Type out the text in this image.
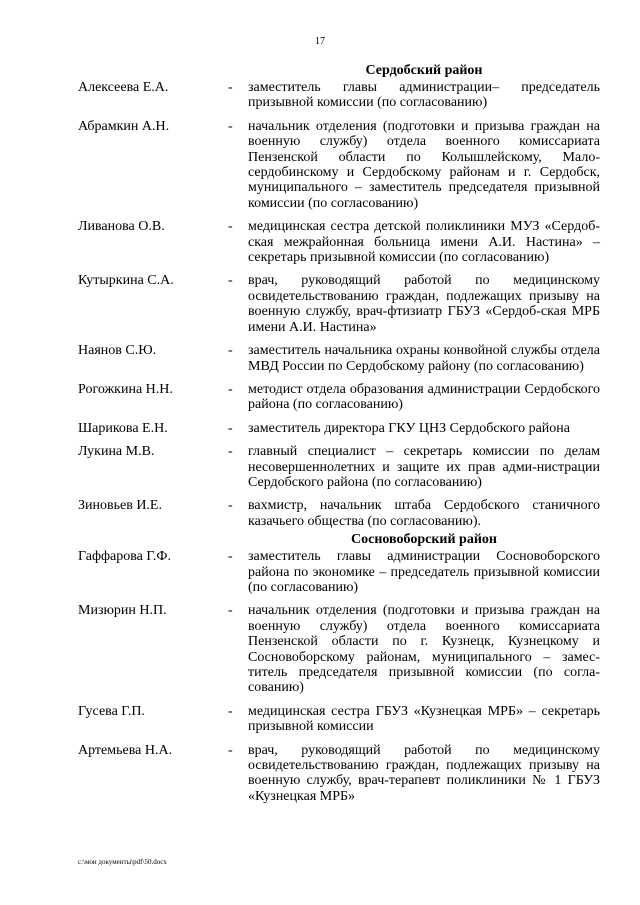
17
Сердобский район
Алексеева Е.А.	- заместитель главы администрации– председатель призывной комиссии (по согласованию)
Абрамкин А.Н.	- начальник отделения (подготовки и призыва граждан на военную службу) отдела военного комиссариата Пензенской области по Колышлейскому, Мало-сердобинскому и Сердобскому районам и г. Сердобск, муниципального – заместитель председателя призывной комиссии (по согласованию)
Ливанова О.В.	- медицинская сестра детской поликлиники МУЗ «Сердоб-ская межрайонная больница имени А.И. Настина» – секретарь призывной комиссии (по согласованию)
Кутыркина С.А.	- врач, руководящий работой по медицинскому освидетельствованию граждан, подлежащих призыву на военную службу, врач-фтизиатр ГБУЗ «Сердоб-ская МРБ имени А.И. Настина»
Наянов С.Ю.	- заместитель начальника охраны конвойной службы отдела МВД России по Сердобскому району (по согласованию)
Рогожкина Н.Н.	- методист отдела образования администрации Сердобского района (по согласованию)
Шарикова Е.Н.	- заместитель директора ГКУ ЦНЗ Сердобского района
Лукина М.В.	- главный специалист – секретарь комиссии по делам несовершеннолетних и защите их прав адми-нистрации Сердобского района (по согласованию)
Зиновьев И.Е.	- вахмистр, начальник штаба Сердобского станичного казачьего общества (по согласованию).
Сосновоборский район
Гаффарова Г.Ф.	- заместитель главы администрации Сосновоборского района по экономике – председатель призывной комиссии (по согласованию)
Мизюрин Н.П.	- начальник отделения (подготовки и призыва граждан на военную службу) отдела военного комиссариата Пензенской области по г. Кузнецк, Кузнецкому и Сосновоборскому районам, муниципального – замес-титель председателя призывной комиссии (по согла-сованию)
Гусева Г.П.	- медицинская сестра ГБУЗ «Кузнецкая МРБ» – секретарь призывной комиссии
Артемьева Н.А.	- врач, руководящий работой по медицинскому освидетельствованию граждан, подлежащих призыву на военную службу, врач-терапевт поликлиники № 1 ГБУЗ «Кузнецкая МРБ»
c:\мои документы\pdf\50.docx
